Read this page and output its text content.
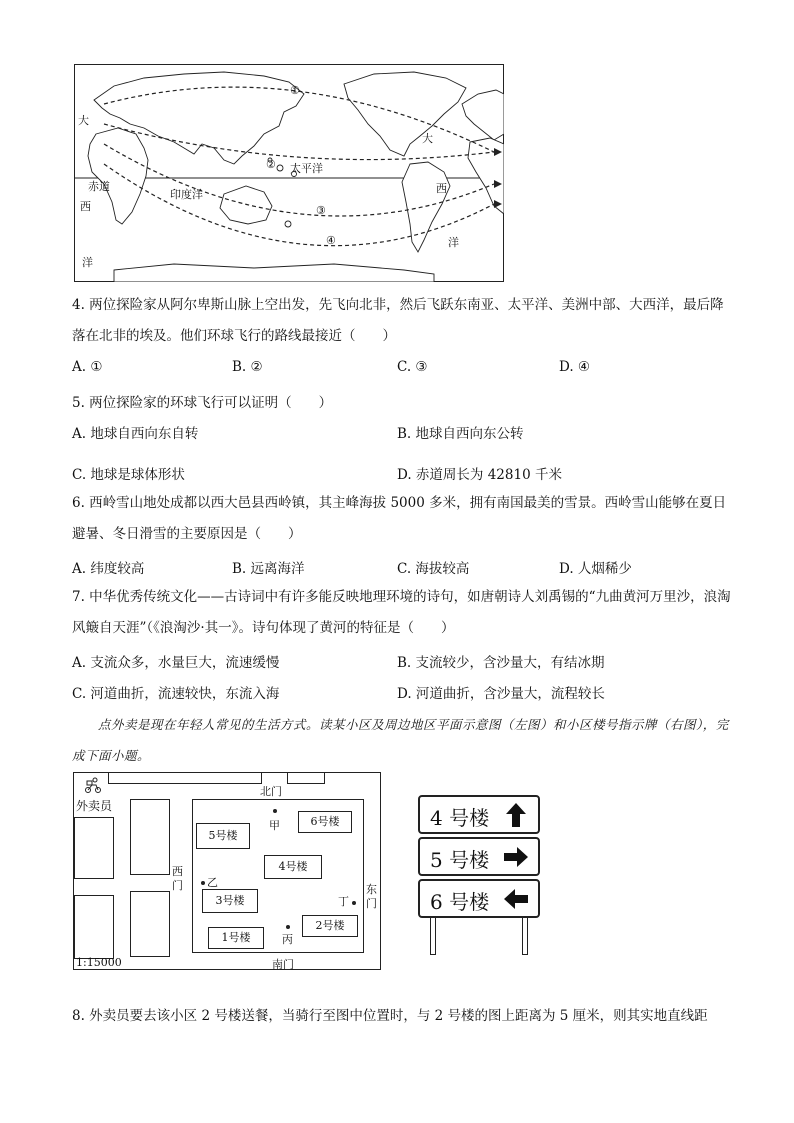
①
②
③
④
大
赤道
西
洋
印度洋
太平洋
大
西
洋
4. 两位探险家从阿尔卑斯山脉上空出发，先飞向北非，然后飞跃东南亚、太平洋、美洲中部、大西洋，最后降落在北非的埃及。他们环球飞行的路线最接近（　　）
A. ①	B. ②	C. ③	D. ④
5. 两位探险家的环球飞行可以证明（　　）
A. 地球自西向东自转	B. 地球自西向东公转
C. 地球是球体形状	D. 赤道周长为 42810 千米
6. 西岭雪山地处成都以西大邑县西岭镇，其主峰海拔 5000 多米，拥有南国最美的雪景。西岭雪山能够在夏日避暑、冬日滑雪的主要原因是（　　）
A. 纬度较高	B. 远离海洋	C. 海拔较高	D. 人烟稀少
7. 中华优秀传统文化——古诗词中有许多能反映地理环境的诗句，如唐朝诗人刘禹锡的“九曲黄河万里沙，浪淘风簸自天涯”（《浪淘沙·其一》。诗句体现了黄河的特征是（　　）
A. 支流众多，水量巨大，流速缓慢	B. 支流较少，含沙量大，有结冰期
C. 河道曲折，流速较快，东流入海	D. 河道曲折，含沙量大，流程较长
点外卖是现在年轻人常见的生活方式。读某小区及周边地区平面示意图（左图）和小区楼号指示牌（右图），完成下面小题。
外卖员
北门
南门
西
门	东
门
5号楼
6号楼
4号楼
3号楼
2号楼
1号楼
甲
乙
丙
丁
1:15000
4 号楼
5 号楼
6 号楼
8. 外卖员要去该小区 2 号楼送餐，当骑行至图中位置时，与 2 号楼的图上距离为 5 厘米，则其实地直线距
